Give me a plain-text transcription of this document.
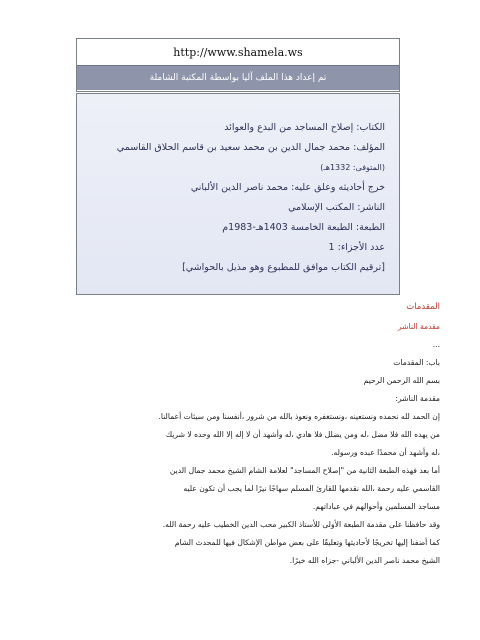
http://www.shamela.ws
تم إعداد هذا الملف آليا بواسطة المكتبة الشاملة
الكتاب: إصلاح المساجد من البدع والعوائد
المؤلف: محمد جمال الدين بن محمد سعيد بن قاسم الحلاق القاسمي
(المتوفى: 1332هـ)
خرج أحاديثه وعلق عليه: محمد ناصر الدين الألباني
الناشر: المكتب الإسلامي
الطبعة: الطبعة الخامسة 1403هـ-1983م
عدد الأجزاء: 1
[ترقيم الكتاب موافق للمطبوع وهو مذيل بالحواشي]
المقدمات
مقدمة الناشر
...
باب: المقدمات
بسم الله الرحمن الرحيم
مقدمة الناشر:
إن الحمد لله نحمده ونستعينه ،ونستغفره ونعوذ بالله من شرور ،أنفسنا ومن سيئات أعمالنا.
من يهده الله فلا مضل ،له ومن يضلل فلا هادي ،له وأشهد أن لا إله إلا الله وحده لا شريك
،له وأشهد أن محمدًا عبده ورسوله.
أما بعد فهذه الطبعة الثانية من "إصلاح المساجد" لعلامة الشام الشيخ محمد جمال الدين
القاسمي عليه رحمة ،الله نقدمها للقارئ المسلم سهاجًا نيرًا لما يجب أن تكون عليه
مساجد المسلمين وأحوالهم في عباداتهم.
وقد حافظنا على مقدمة الطبعة الأولى للأستاذ الكبير محب الدين الخطيب عليه رحمة الله.
كما أضفنا إليها تخريجًا لأحاديثها وتعليقًا على بعض مواطن الإشكال فيها للمحدث الشام
الشيخ محمد ناصر الدين الألباني -جزاه الله خيرًا.
